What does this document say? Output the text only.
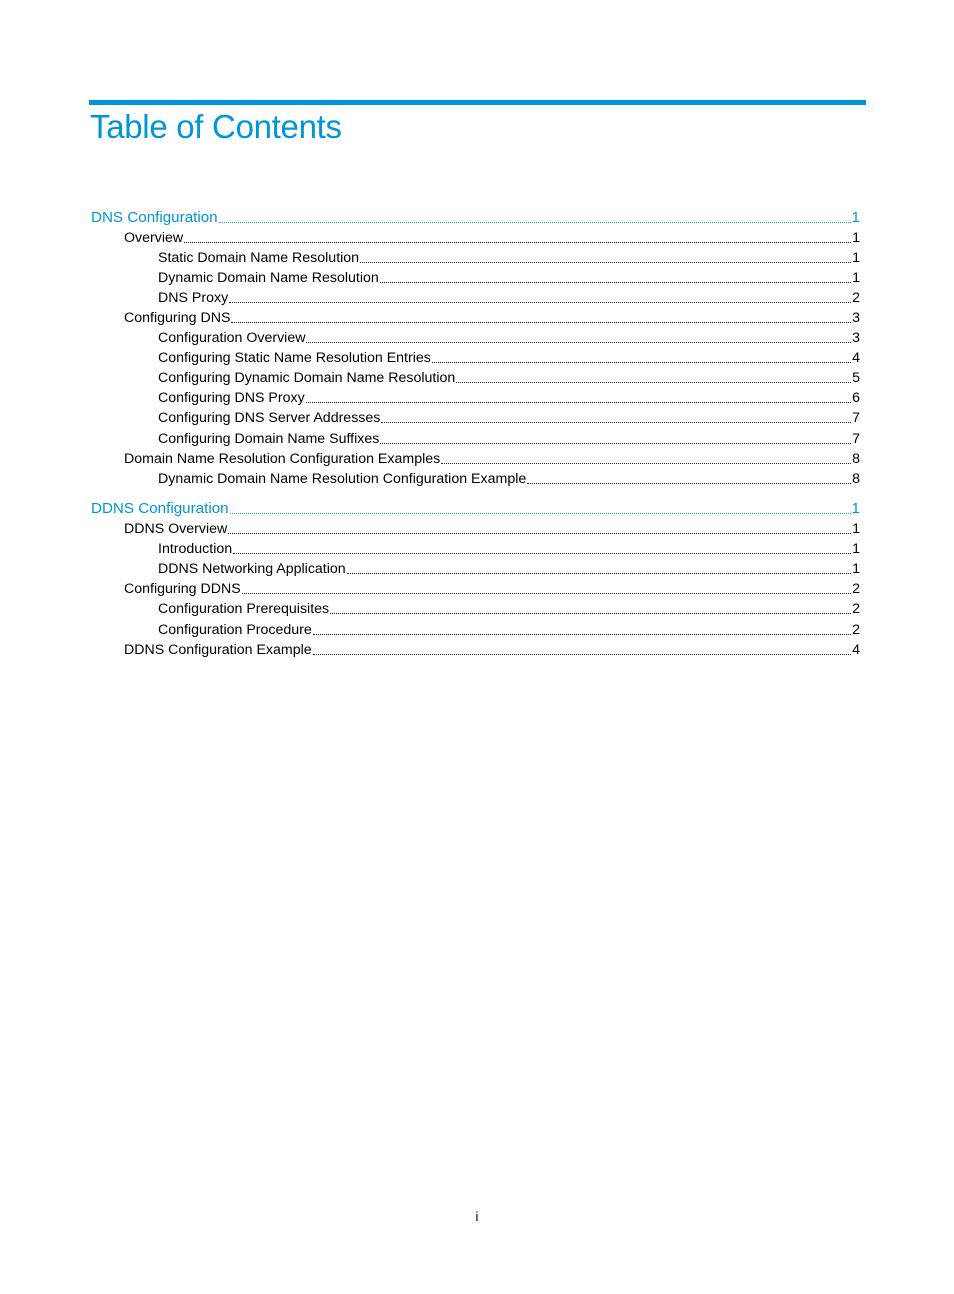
Table of Contents
DNS Configuration	1
Overview	1
Static Domain Name Resolution	1
Dynamic Domain Name Resolution	1
DNS Proxy	2
Configuring DNS	3
Configuration Overview	3
Configuring Static Name Resolution Entries	4
Configuring Dynamic Domain Name Resolution	5
Configuring DNS Proxy	6
Configuring DNS Server Addresses	7
Configuring Domain Name Suffixes	7
Domain Name Resolution Configuration Examples	8
Dynamic Domain Name Resolution Configuration Example	8
DDNS Configuration	1
DDNS Overview	1
Introduction	1
DDNS Networking Application	1
Configuring DDNS	2
Configuration Prerequisites	2
Configuration Procedure	2
DDNS Configuration Example	4
i
